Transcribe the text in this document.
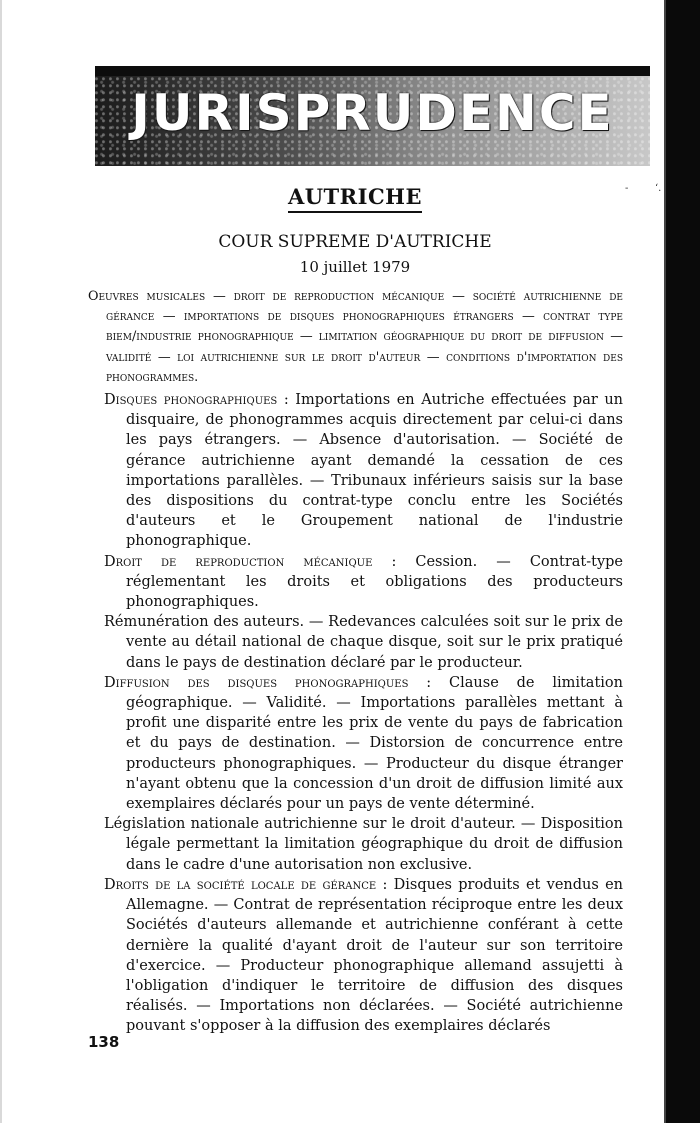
JURISPRUDENCE
-	‘.
AUTRICHE
COUR SUPREME D'AUTRICHE
10 juillet 1979

Oeuvres musicales — droit de reproduction mécanique — société autrichienne de gérance — importations de disques phonographiques étrangers — contrat type biem/industrie phonographique — limitation géographique du droit de diffusion — validité — loi autrichienne sur le droit d'auteur — conditions d'importation des phonogrammes.

Disques phonographiques : Importations en Autriche effectuées par un disquaire, de phonogrammes acquis directement par celui-ci dans les pays étrangers. — Absence d'autorisation. — Société de gérance autrichienne ayant demandé la cessation de ces importations parallèles. — Tribunaux inférieurs saisis sur la base des dispositions du contrat-type conclu entre les Sociétés d'auteurs et le Groupement national de l'industrie phonographique.

Droit de reproduction mécanique : Cession. — Contrat-type réglementant les droits et obligations des producteurs phonographiques.

Rémunération des auteurs. — Redevances calculées soit sur le prix de vente au détail national de chaque disque, soit sur le prix pratiqué dans le pays de destination déclaré par le producteur.

Diffusion des disques phonographiques : Clause de limitation géographique. — Validité. — Importations parallèles mettant à profit une disparité entre les prix de vente du pays de fabrication et du pays de destination. — Distorsion de concurrence entre producteurs phonographiques. — Producteur du disque étranger n'ayant obtenu que la concession d'un droit de diffusion limité aux exemplaires déclarés pour un pays de vente déterminé.

Législation nationale autrichienne sur le droit d'auteur. — Disposition légale permettant la limitation géographique du droit de diffusion dans le cadre d'une autorisation non exclusive.

Droits de la société locale de gérance : Disques produits et vendus en Allemagne. — Contrat de représentation réciproque entre les deux Sociétés d'auteurs allemande et autrichienne conférant à cette dernière la qualité d'ayant droit de l'auteur sur son territoire d'exercice. — Producteur phonographique allemand assujetti à l'obligation d'indiquer le territoire de diffusion des disques réalisés. — Importations non déclarées. — Société autrichienne pouvant s'opposer à la diffusion des exemplaires déclarés

138
